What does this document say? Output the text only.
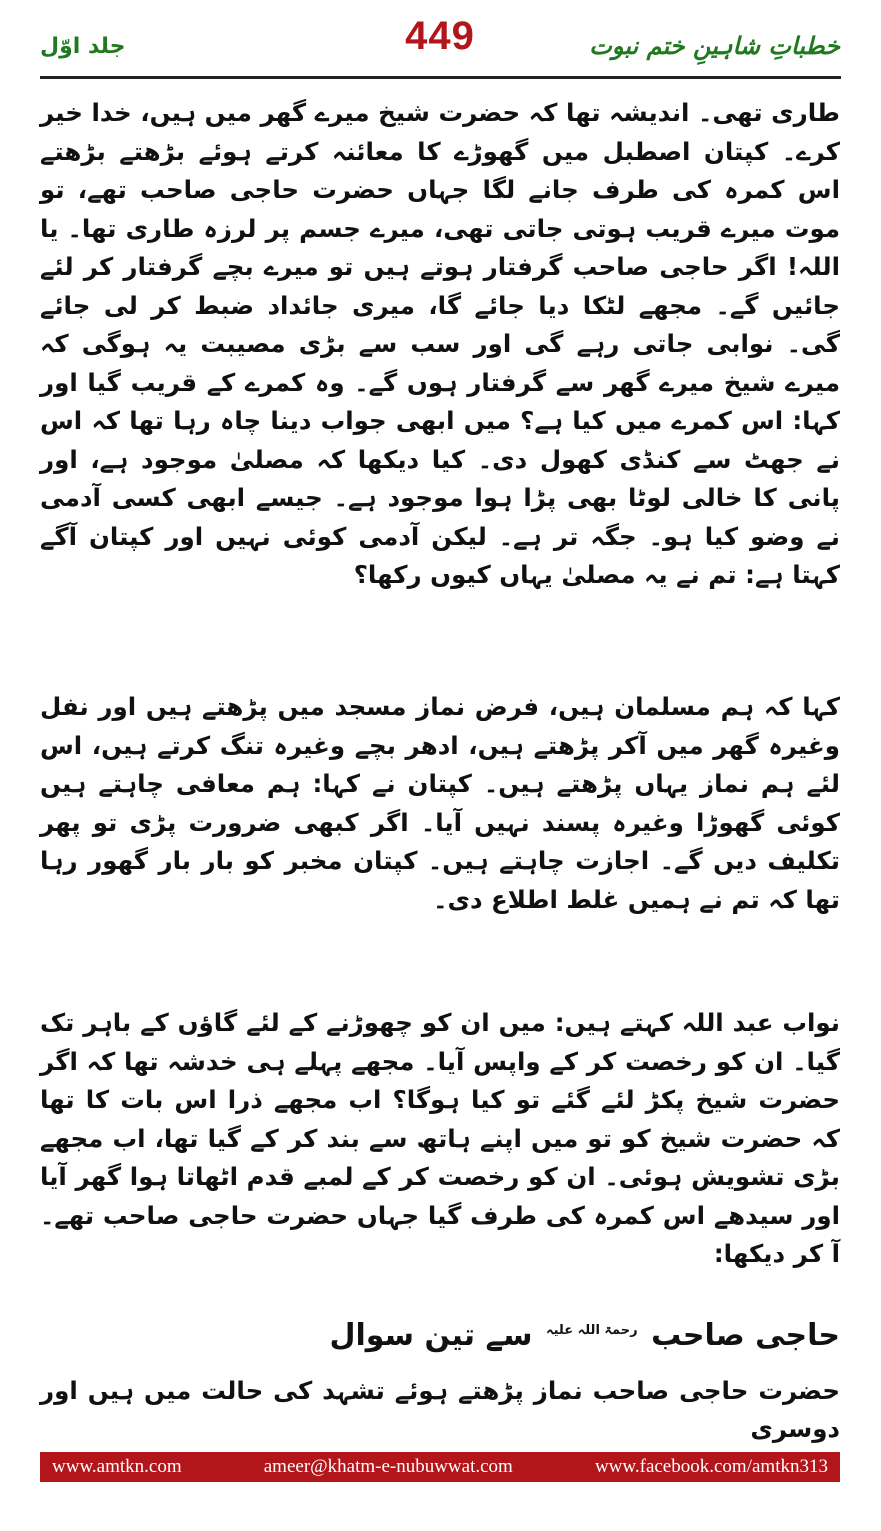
جلد اوّل	449	خطباتِ شاہینِ ختم نبوت

طاری تھی۔ اندیشہ تھا کہ حضرت شیخ میرے گھر میں ہیں، خدا خیر کرے۔ کپتان اصطبل میں گھوڑے کا معائنہ کرتے ہوئے بڑھتے بڑھتے اس کمرہ کی طرف جانے لگا جہاں حضرت حاجی صاحب تھے، تو موت میرے قریب ہوتی جاتی تھی، میرے جسم پر لرزہ طاری تھا۔ یا اللہ! اگر حاجی صاحب گرفتار ہوتے ہیں تو میرے بچے گرفتار کر لئے جائیں گے۔ مجھے لٹکا دیا جائے گا، میری جائداد ضبط کر لی جائے گی۔ نوابی جاتی رہے گی اور سب سے بڑی مصیبت یہ ہوگی کہ میرے شیخ میرے گھر سے گرفتار ہوں گے۔ وہ کمرے کے قریب گیا اور کہا: اس کمرے میں کیا ہے؟ میں ابھی جواب دینا چاہ رہا تھا کہ اس نے جھٹ سے کنڈی کھول دی۔ کیا دیکھا کہ مصلیٰ موجود ہے، اور پانی کا خالی لوٹا بھی پڑا ہوا موجود ہے۔ جیسے ابھی کسی آدمی نے وضو کیا ہو۔ جگہ تر ہے۔ لیکن آدمی کوئی نہیں اور کپتان آگے کہتا ہے: تم نے یہ مصلیٰ یہاں کیوں رکھا؟

کہا کہ ہم مسلمان ہیں، فرض نماز مسجد میں پڑھتے ہیں اور نفل وغیرہ گھر میں آکر پڑھتے ہیں، ادھر بچے وغیرہ تنگ کرتے ہیں، اس لئے ہم نماز یہاں پڑھتے ہیں۔ کپتان نے کہا: ہم معافی چاہتے ہیں کوئی گھوڑا وغیرہ پسند نہیں آیا۔ اگر کبھی ضرورت پڑی تو پھر تکلیف دیں گے۔ اجازت چاہتے ہیں۔ کپتان مخبر کو بار بار گھور رہا تھا کہ تم نے ہمیں غلط اطلاع دی۔

نواب عبد اللہ کہتے ہیں: میں ان کو چھوڑنے کے لئے گاؤں کے باہر تک گیا۔ ان کو رخصت کر کے واپس آیا۔ مجھے پہلے ہی خدشہ تھا کہ اگر حضرت شیخ پکڑ لئے گئے تو کیا ہوگا؟ اب مجھے ذرا اس بات کا تھا کہ حضرت شیخ کو تو میں اپنے ہاتھ سے بند کر کے گیا تھا، اب مجھے بڑی تشویش ہوئی۔ ان کو رخصت کر کے لمبے قدم اٹھاتا ہوا گھر آیا اور سیدھے اس کمرہ کی طرف گیا جہاں حضرت حاجی صاحب تھے۔ آ کر دیکھا:

حاجی صاحب $^{رحمۃ اللہ علیہ}$ سے تین سوال
حضرت حاجی صاحب نماز پڑھتے ہوئے تشہد کی حالت میں ہیں اور دوسری
www.amtkn.com	ameer@khatm-e-nubuwwat.com	www.facebook.com/amtkn313
